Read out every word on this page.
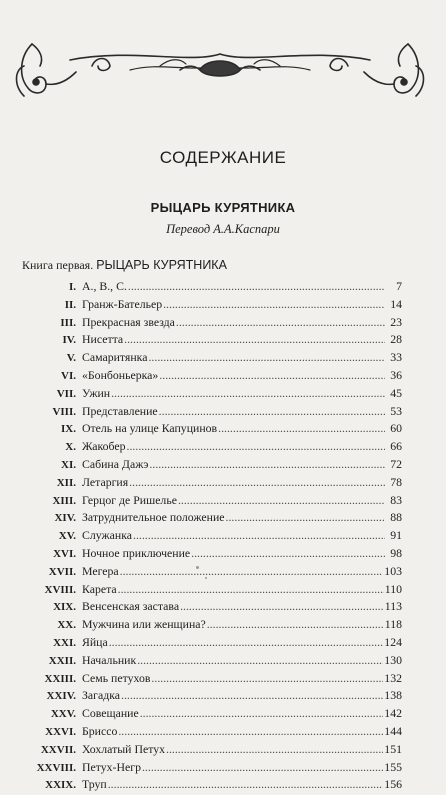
СОДЕРЖАНИЕ
РЫЦАРЬ КУРЯТНИКА
Перевод А.А.Каспари
Книга первая. РЫЦАРЬ КУРЯТНИКА
I. А., В., С. .....	7
II. Гранж-Бательер .....	14
III. Прекрасная звезда .....	23
IV. Нисетта .....	28
V. Самаритянка .....	33
VI. «Бонбоньерка» .....	36
VII. Ужин .....	45
VIII. Представление .....	53
IX. Отель на улице Капуцинов .....	60
X. Жакобер .....	66
XI. Сабина Дажэ .....	72
XII. Летаргия .....	78
XIII. Герцог де Ришелье .....	83
XIV. Затруднительное положение .....	88
XV. Служанка .....	91
XVI. Ночное приключение .....	98
XVII. Мегера .....	103
XVIII. Карета .....	110
XIX. Венсенская застава .....	113
XX. Мужчина или женщина? .....	118
XXI. Яйца .....	124
XXII. Начальник .....	130
XXIII. Семь петухов .....	132
XXIV. Загадка .....	138
XXV. Совещание .....	142
XXVI. Бриссо .....	144
XXVII. Хохлатый Петух .....	151
XXVIII. Петух-Негр .....	155
XXIX. Труп .....	156
